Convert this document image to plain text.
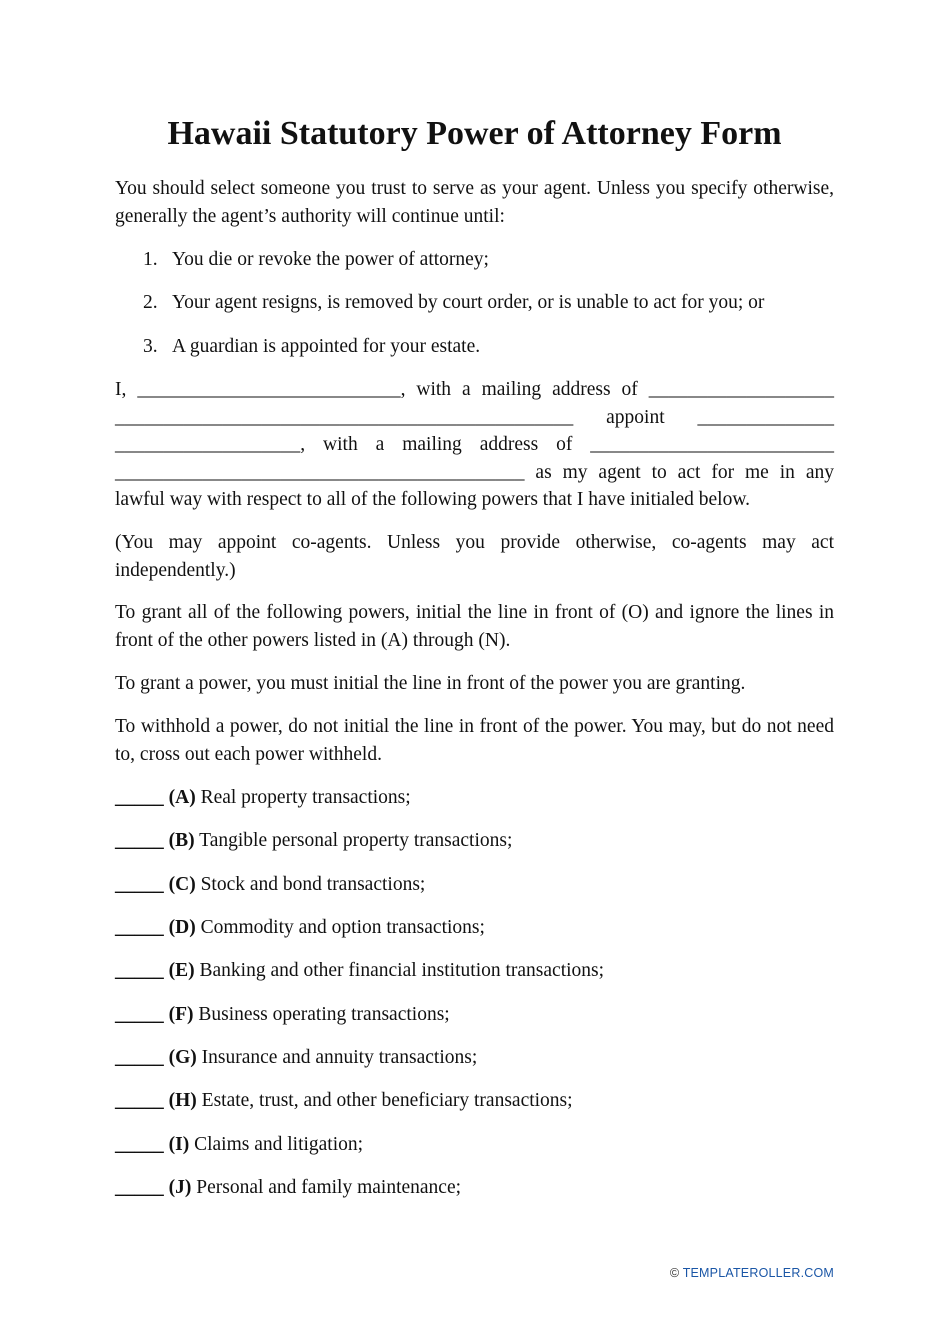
Hawaii Statutory Power of Attorney Form

You should select someone you trust to serve as your agent. Unless you specify otherwise, generally the agent’s authority will continue until:

1. You die or revoke the power of attorney;
2. Your agent resigns, is removed by court order, or is unable to act for you; or
3. A guardian is appointed for your estate.
I, ___________________________, with a mailing address of ___________________
_______________________________________________ appoint ______________
___________________, with a mailing address of _________________________
__________________________________________ as my agent to act for me in any
lawful way with respect to all of the following powers that I have initialed below.

(You may appoint co-agents. Unless you provide otherwise, co-agents may act independently.)

To grant all of the following powers, initial the line in front of (O) and ignore the lines in front of the other powers listed in (A) through (N).

To grant a power, you must initial the line in front of the power you are granting.

To withhold a power, do not initial the line in front of the power. You may, but do not need to, cross out each power withheld.

_____ (A) Real property transactions;
_____ (B) Tangible personal property transactions;
_____ (C) Stock and bond transactions;
_____ (D) Commodity and option transactions;
_____ (E) Banking and other financial institution transactions;
_____ (F) Business operating transactions;
_____ (G) Insurance and annuity transactions;
_____ (H) Estate, trust, and other beneficiary transactions;
_____ (I) Claims and litigation;
_____ (J) Personal and family maintenance;
© TEMPLATEROLLER.COM
